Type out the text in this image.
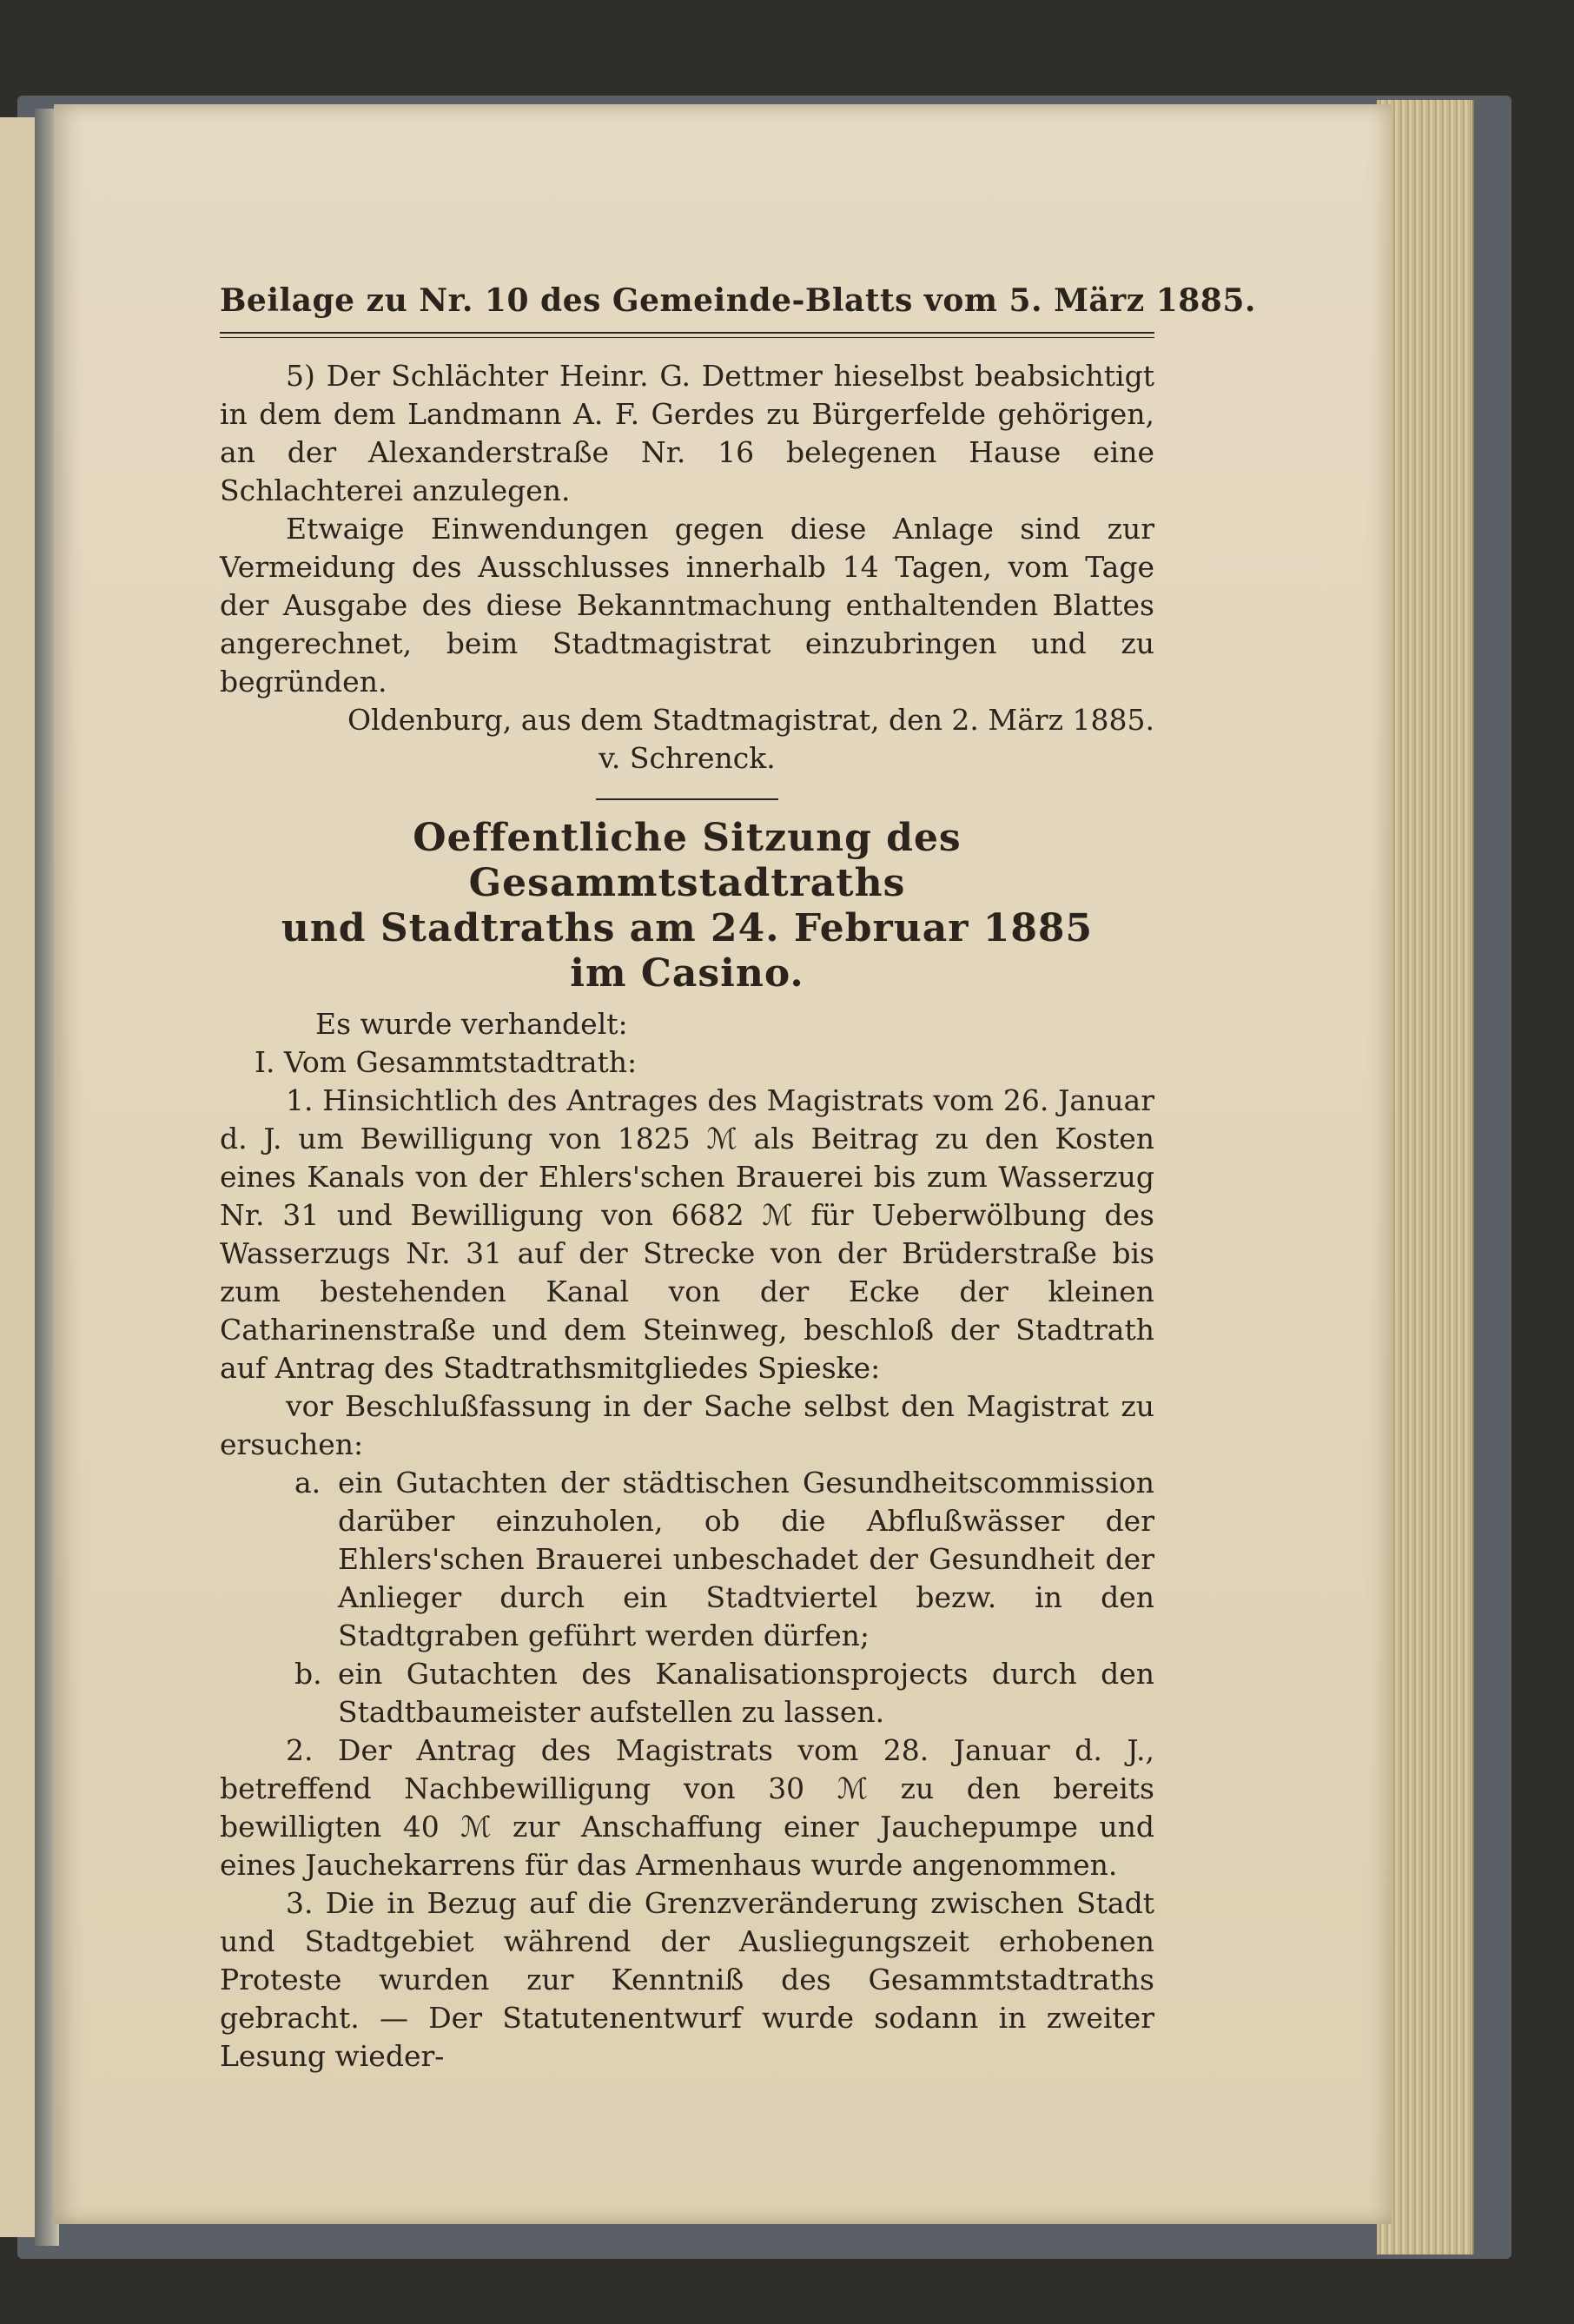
Beilage zu Nr. 10 des Gemeinde-Blatts vom 5. März 1885.

5) Der Schlächter Heinr. G. Dettmer hieselbst beabsichtigt in dem dem Landmann A. F. Gerdes zu Bürgerfelde gehörigen, an der Alexanderstraße Nr. 16 belegenen Hause eine Schlachterei anzulegen.

Etwaige Einwendungen gegen diese Anlage sind zur Vermeidung des Ausschlusses innerhalb 14 Tagen, vom Tage der Ausgabe des diese Bekanntmachung enthaltenden Blattes angerechnet, beim Stadtmagistrat einzubringen und zu begründen.

Oldenburg, aus dem Stadtmagistrat, den 2. März 1885.

v. Schrenck.

Oeffentliche Sitzung des Gesammtstadtraths
und Stadtraths am 24. Februar 1885
im Casino.

Es wurde verhandelt:

I. Vom Gesammtstadtrath:

1. Hinsichtlich des Antrages des Magistrats vom 26. Januar d. J. um Bewilligung von 1825 ℳ als Beitrag zu den Kosten eines Kanals von der Ehlers'schen Brauerei bis zum Wasserzug Nr. 31 und Bewilligung von 6682 ℳ für Ueberwölbung des Wasserzugs Nr. 31 auf der Strecke von der Brüderstraße bis zum bestehenden Kanal von der Ecke der kleinen Catharinenstraße und dem Steinweg, beschloß der Stadtrath auf Antrag des Stadtrathsmitgliedes Spieske:

vor Beschlußfassung in der Sache selbst den Magistrat zu ersuchen:

a. ein Gutachten der städtischen Gesundheitscommission darüber einzuholen, ob die Abflußwässer der Ehlers'schen Brauerei unbeschadet der Gesundheit der Anlieger durch ein Stadtviertel bezw. in den Stadtgraben geführt werden dürfen;
b. ein Gutachten des Kanalisationsprojects durch den Stadtbaumeister aufstellen zu lassen.

2. Der Antrag des Magistrats vom 28. Januar d. J., betreffend Nachbewilligung von 30 ℳ zu den bereits bewilligten 40 ℳ zur Anschaffung einer Jauchepumpe und eines Jauchekarrens für das Armenhaus wurde angenommen.

3. Die in Bezug auf die Grenzveränderung zwischen Stadt und Stadtgebiet während der Ausliegungszeit erhobenen Proteste wurden zur Kenntniß des Gesammtstadtraths gebracht. — Der Statutenentwurf wurde sodann in zweiter Lesung wieder-
